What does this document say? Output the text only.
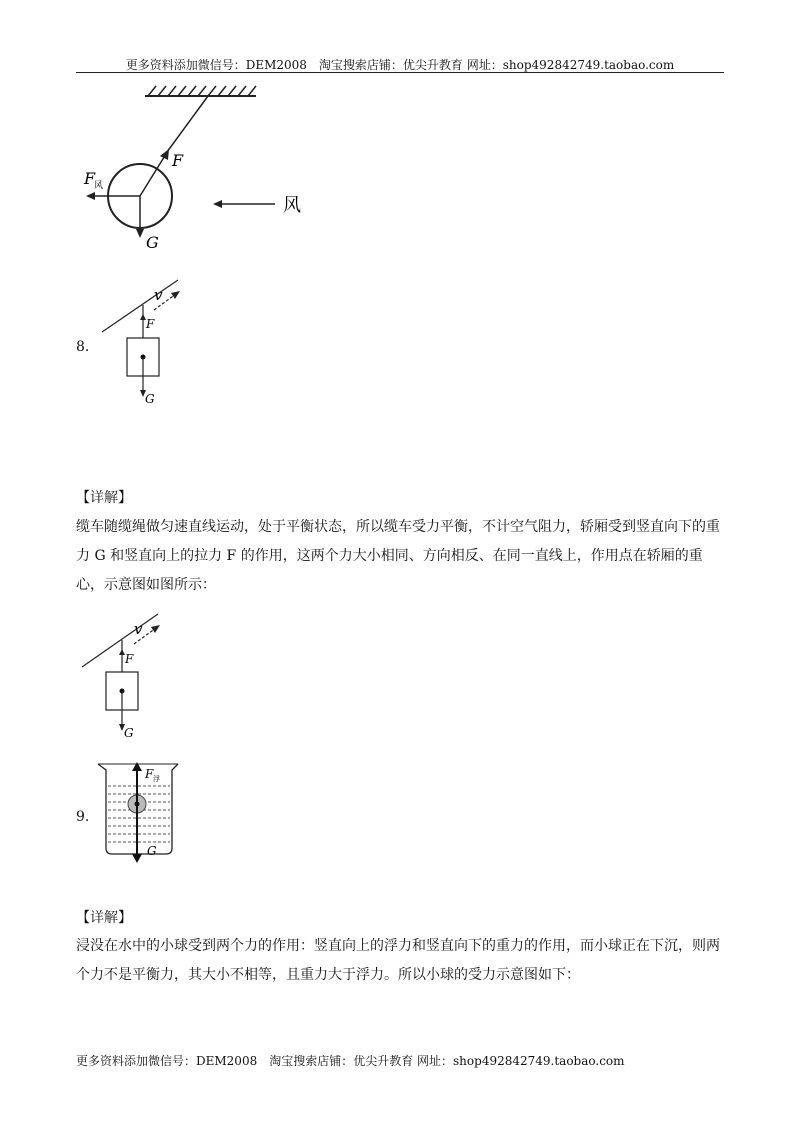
更多资料添加微信号：DEM2008　淘宝搜索店铺：优尖升教育 网址：shop492842749.taobao.com
F
F
风
G
风
8.
v
F
G
【详解】
缆车随缆绳做匀速直线运动，处于平衡状态，所以缆车受力平衡，不计空气阻力，轿厢受到竖直向下的重力 G 和竖直向上的拉力 F 的作用，这两个力大小相同、方向相反、在同一直线上，作用点在轿厢的重心，示意图如图所示：
v
F
G
9.
F 浮
G
【详解】
浸没在水中的小球受到两个力的作用：竖直向上的浮力和竖直向下的重力的作用，而小球正在下沉，则两个力不是平衡力，其大小不相等，且重力大于浮力。所以小球的受力示意图如下：
更多资料添加微信号：DEM2008　淘宝搜索店铺：优尖升教育 网址：shop492842749.taobao.com
